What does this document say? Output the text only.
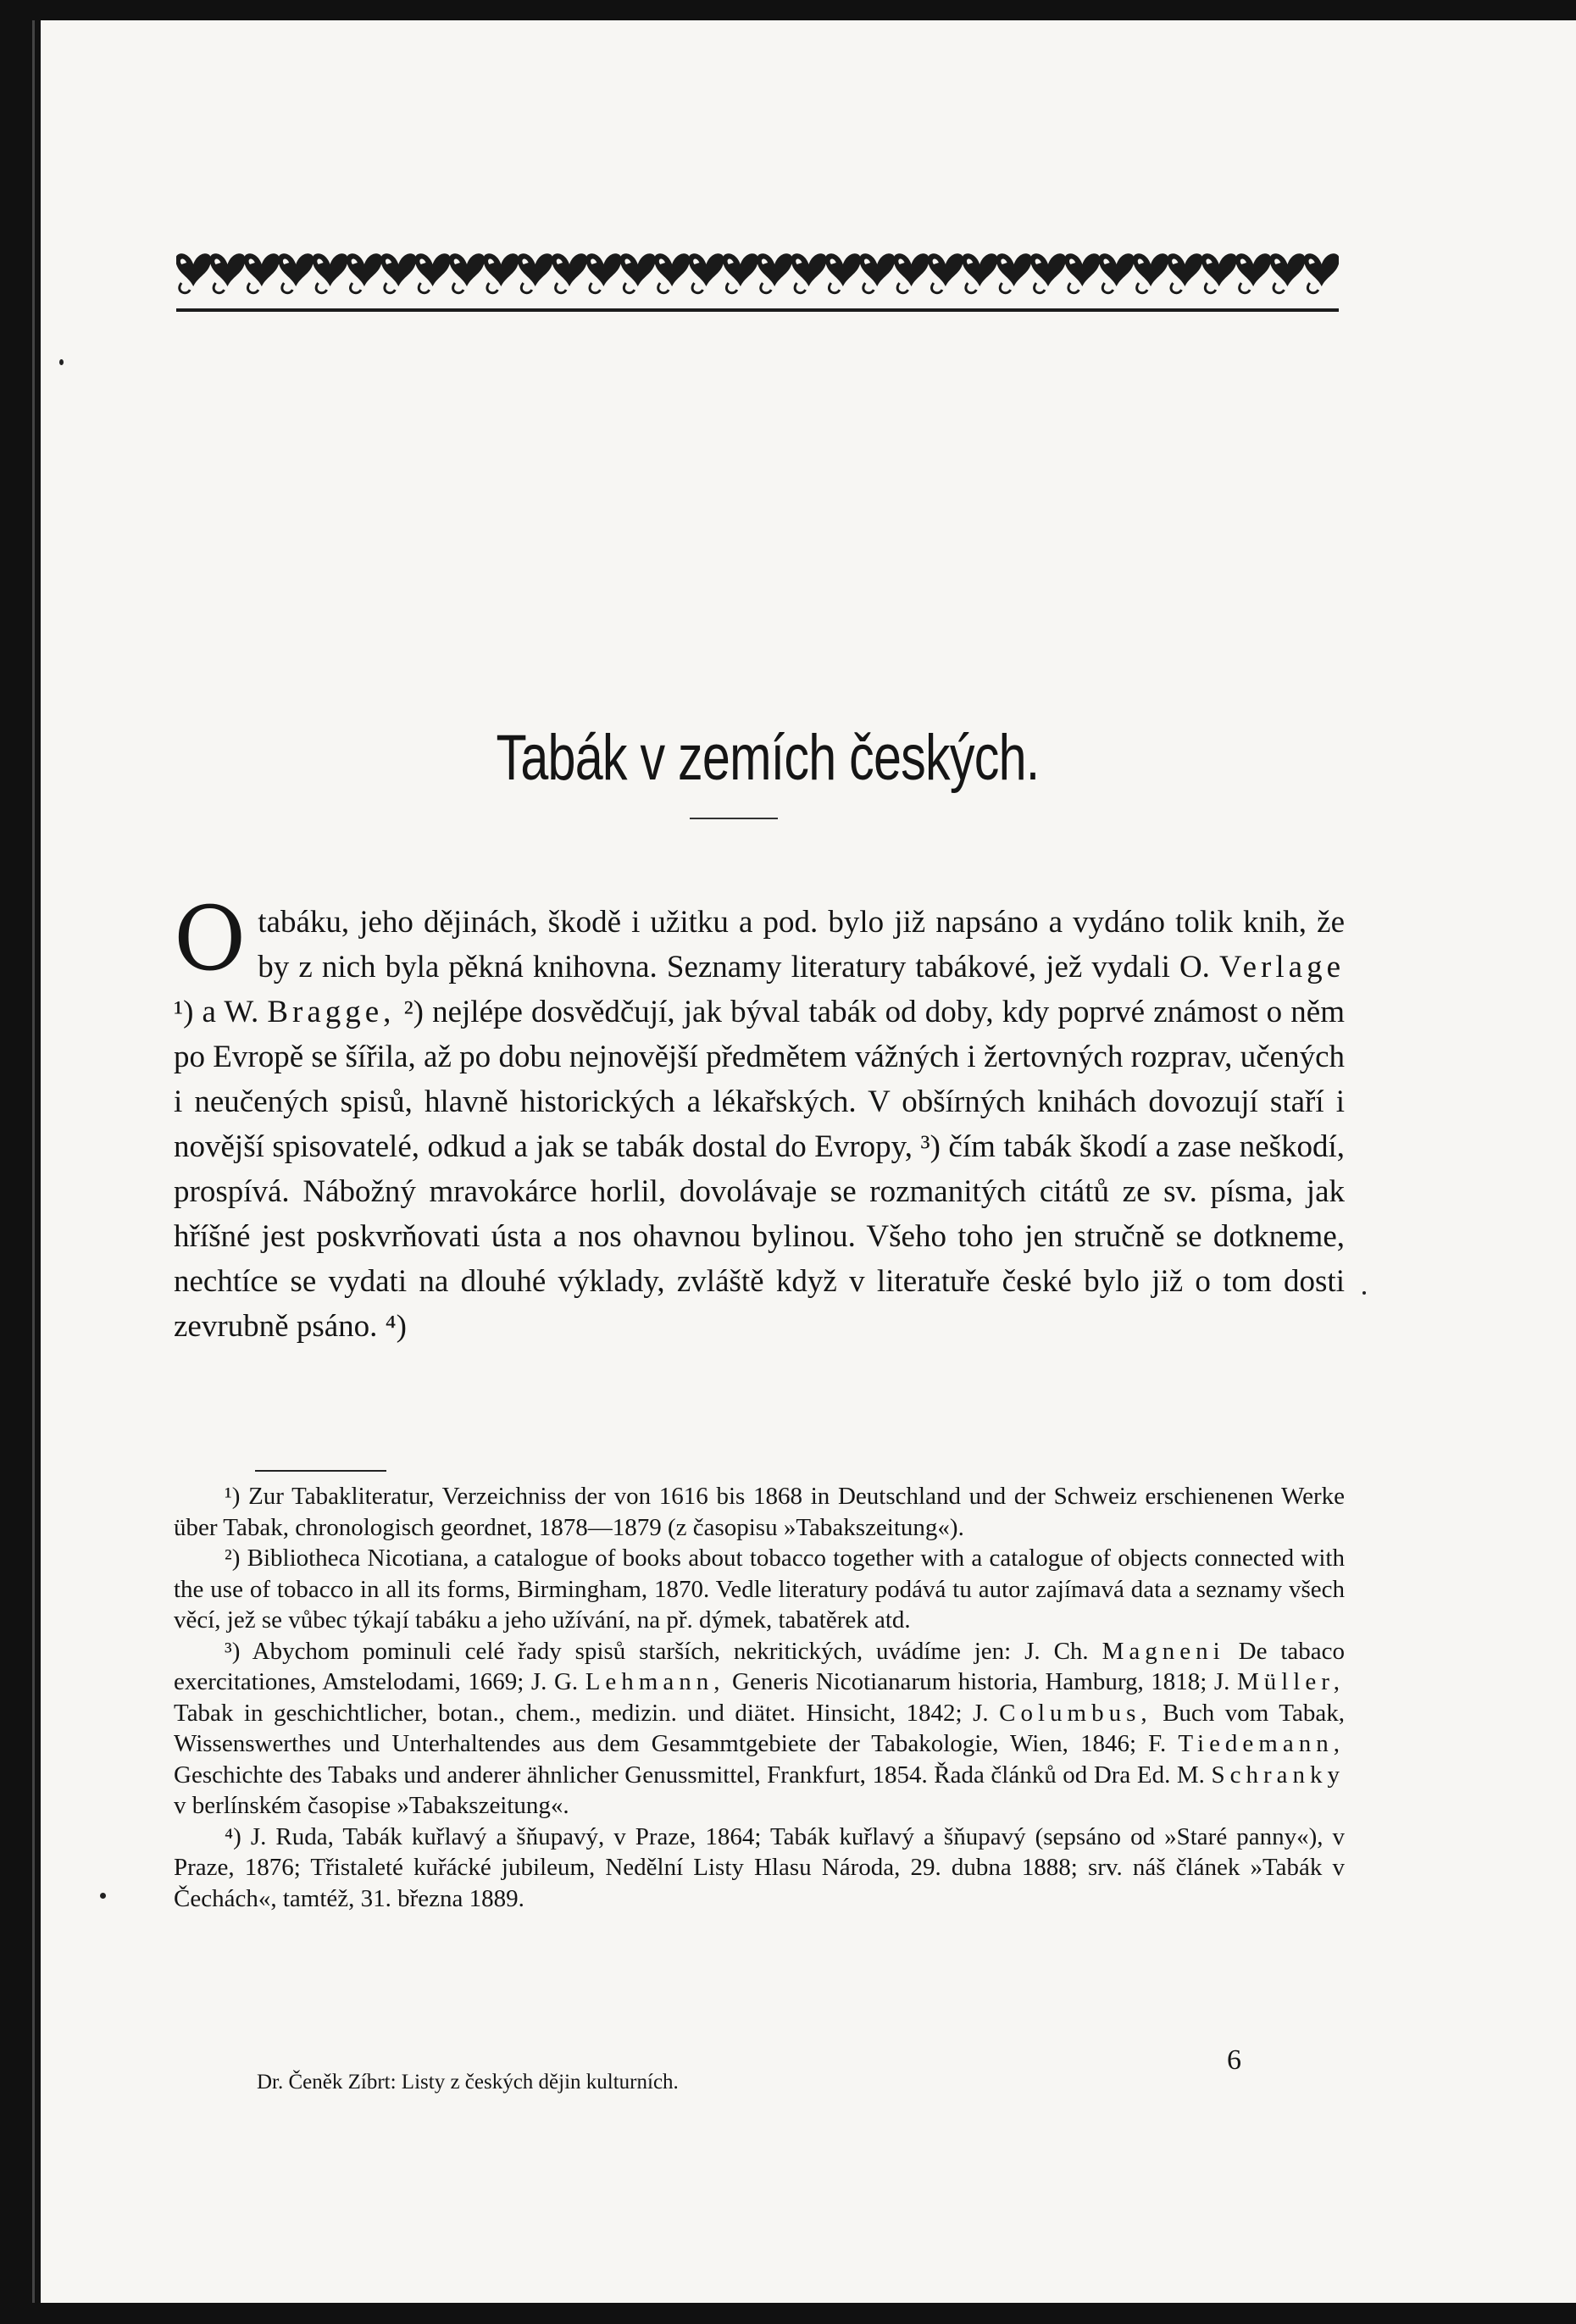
Tabák v zemích českých.
O tabáku, jeho dějinách, škodě i užitku a pod. bylo již napsáno a vydáno tolik knih, že by z nich byla pěkná knihovna. Seznamy literatury tabákové, jež vydali O. Verlage ¹) a W. Bragge, ²) nejlépe dosvědčují, jak býval tabák od doby, kdy poprvé známost o něm po Evropě se šířila, až po dobu nejnovější předmětem vážných i žertovných rozprav, učených i neučených spisů, hlavně historických a lékařských. V obšírných knihách dovozují staří i novější spisovatelé, odkud a jak se tabák dostal do Evropy, ³) čím tabák škodí a zase neškodí, prospívá. Nábožný mravokárce horlil, dovolávaje se rozmanitých citátů ze sv. písma, jak hříšné jest poskvrňovati ústa a nos ohavnou bylinou. Všeho toho jen stručně se dotkneme, nechtíce se vydati na dlouhé výklady, zvláště když v literatuře české bylo již o tom dosti zevrubně psáno. ⁴)

¹) Zur Tabakliteratur, Verzeichniss der von 1616 bis 1868 in Deutschland und der Schweiz erschienenen Werke über Tabak, chronologisch geordnet, 1878—1879 (z časopisu »Tabakszeitung«).

²) Bibliotheca Nicotiana, a catalogue of books about tobacco together with a catalogue of objects connected with the use of tobacco in all its forms, Birmingham, 1870. Vedle literatury podává tu autor zajímavá data a seznamy všech věcí, jež se vůbec týkají tabáku a jeho užívání, na př. dýmek, tabatěrek atd.

³) Abychom pominuli celé řady spisů starších, nekritických, uvádíme jen: J. Ch. Magneni De tabaco exercitationes, Amstelodami, 1669; J. G. Lehmann, Generis Nicotianarum historia, Hamburg, 1818; J. Müller, Tabak in geschichtlicher, botan., chem., medizin. und diätet. Hinsicht, 1842; J. Columbus, Buch vom Tabak, Wissenswerthes und Unterhaltendes aus dem Gesammtgebiete der Tabakologie, Wien, 1846; F. Tiedemann, Geschichte des Tabaks und anderer ähnlicher Genussmittel, Frankfurt, 1854. Řada článků od Dra Ed. M. Schranky v berlínském časopise »Tabakszeitung«.

⁴) J. Ruda, Tabák kuřlavý a šňupavý, v Praze, 1864; Tabák kuřlavý a šňupavý (sepsáno od »Staré panny«), v Praze, 1876; Třistaleté kuřácké jubileum, Nedělní Listy Hlasu Národa, 29. dubna 1888; srv. náš článek »Tabák v Čechách«, tamtéž, 31. března 1889.

6
Dr. Čeněk Zíbrt: Listy z českých dějin kulturních.
